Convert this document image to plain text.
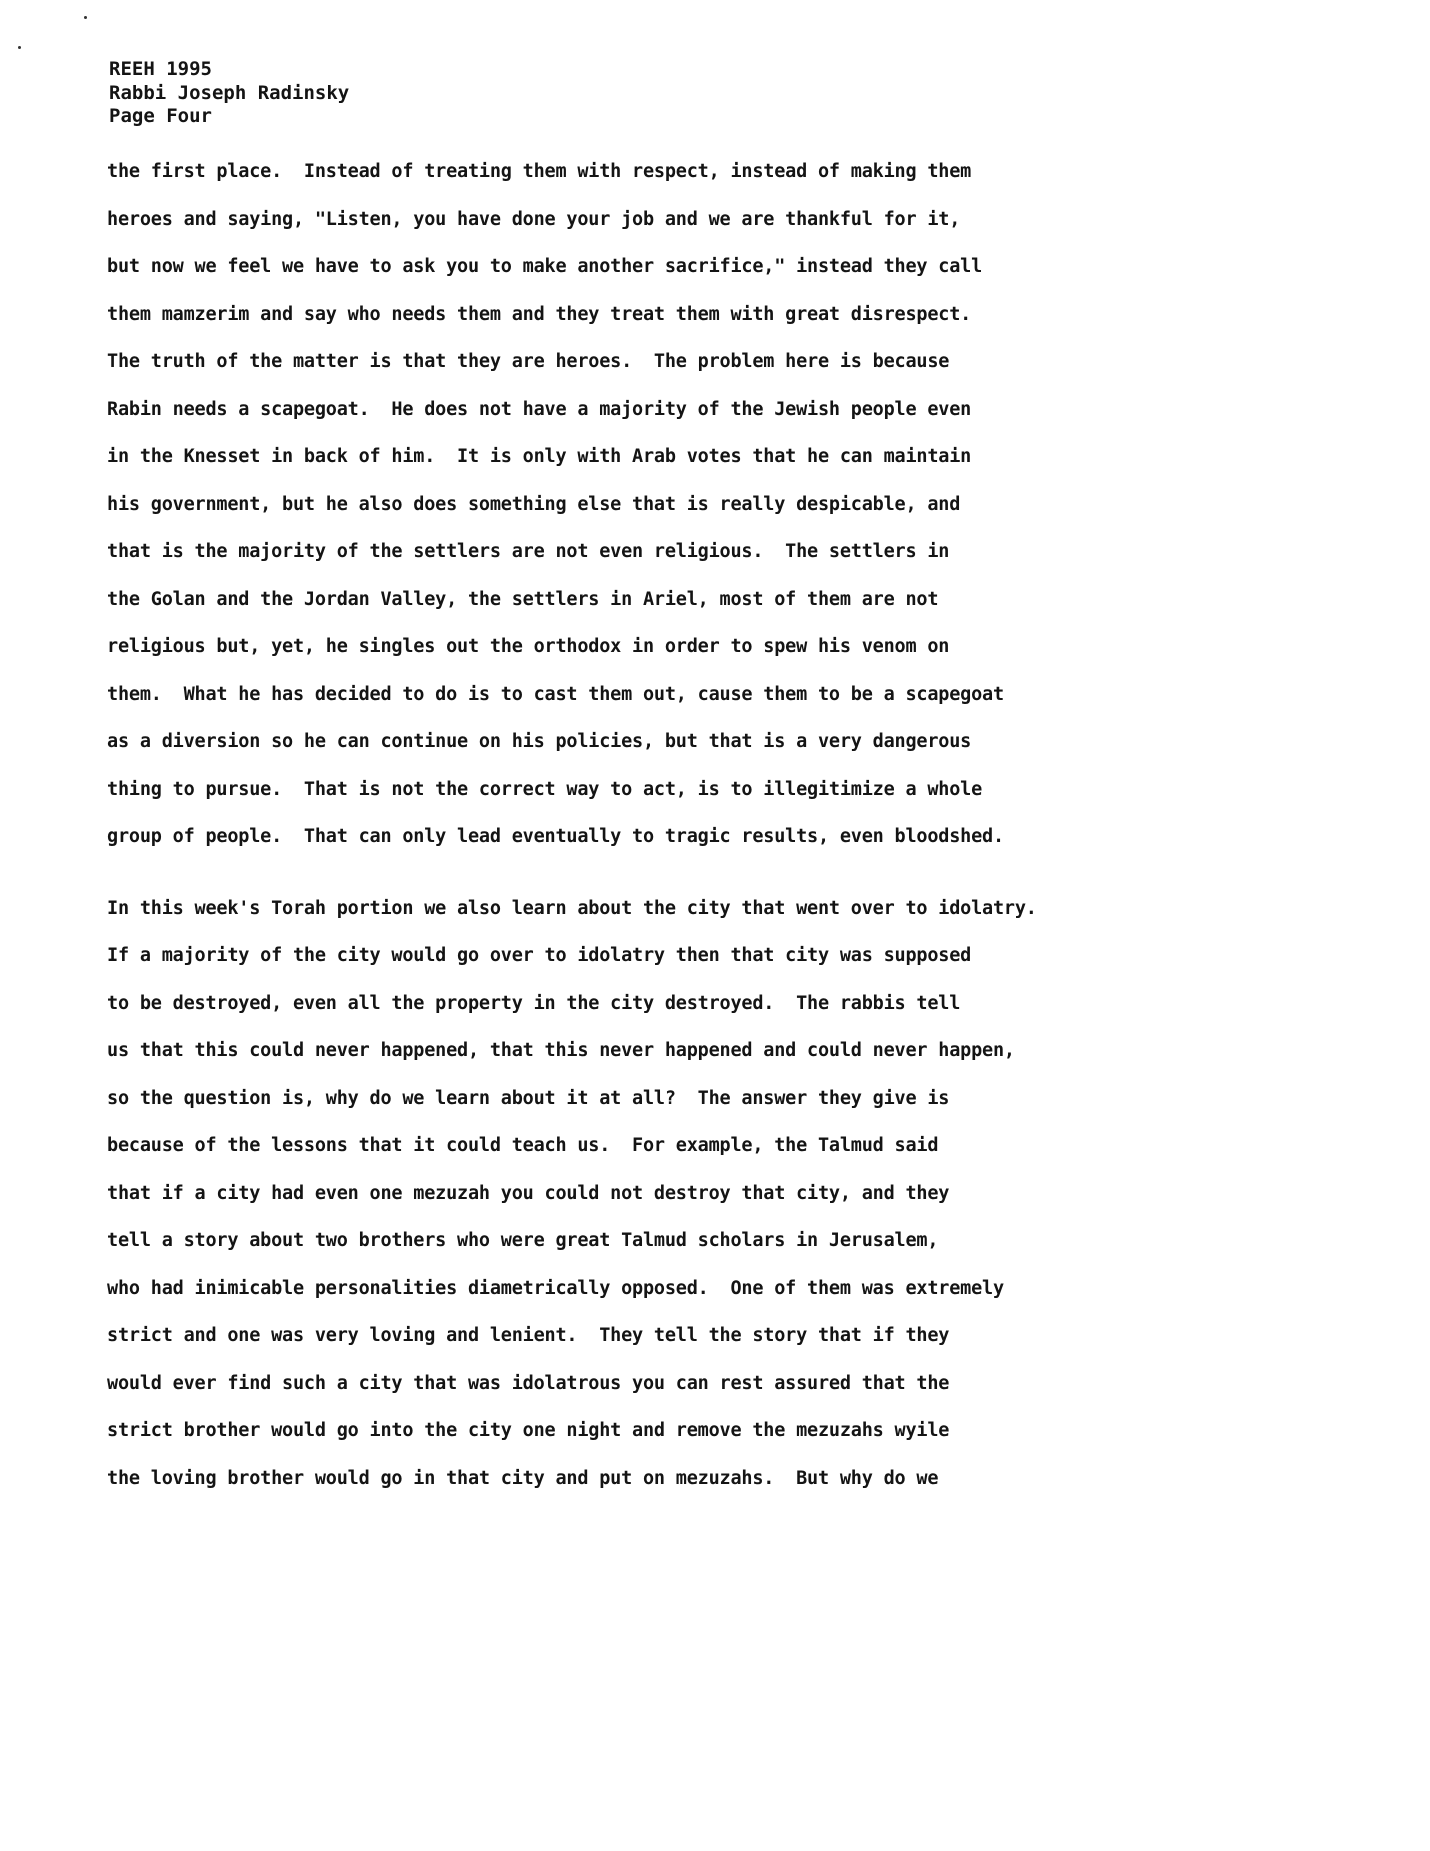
REEH 1995
Rabbi Joseph Radinsky
Page Four
the first place.  Instead of treating them with respect, instead of making them
heroes and saying, "Listen, you have done your job and we are thankful for it,
but now we feel we have to ask you to make another sacrifice," instead they call
them mamzerim and say who needs them and they treat them with great disrespect.
The truth of the matter is that they are heroes.  The problem here is because
Rabin needs a scapegoat.  He does not have a majority of the Jewish people even
in the Knesset in back of him.  It is only with Arab votes that he can maintain
his government, but he also does something else that is really despicable, and
that is the majority of the settlers are not even religious.  The settlers in
the Golan and the Jordan Valley, the settlers in Ariel, most of them are not
religious but, yet, he singles out the orthodox in order to spew his venom on
them.  What he has decided to do is to cast them out, cause them to be a scapegoat
as a diversion so he can continue on his policies, but that is a very dangerous
thing to pursue.  That is not the correct way to act, is to illegitimize a whole
group of people.  That can only lead eventually to tragic results, even bloodshed.
In this week's Torah portion we also learn about the city that went over to idolatry.
If a majority of the city would go over to idolatry then that city was supposed
to be destroyed, even all the property in the city destroyed.  The rabbis tell
us that this could never happened, that this never happened and could never happen,
so the question is, why do we learn about it at all?  The answer they give is
because of the lessons that it could teach us.  For example, the Talmud said
that if a city had even one mezuzah you could not destroy that city, and they
tell a story about two brothers who were great Talmud scholars in Jerusalem,
who had inimicable personalities diametrically opposed.  One of them was extremely
strict and one was very loving and lenient.  They tell the story that if they
would ever find such a city that was idolatrous you can rest assured that the
strict brother would go into the city one night and remove the mezuzahs wyile
the loving brother would go in that city and put on mezuzahs.  But why do we
